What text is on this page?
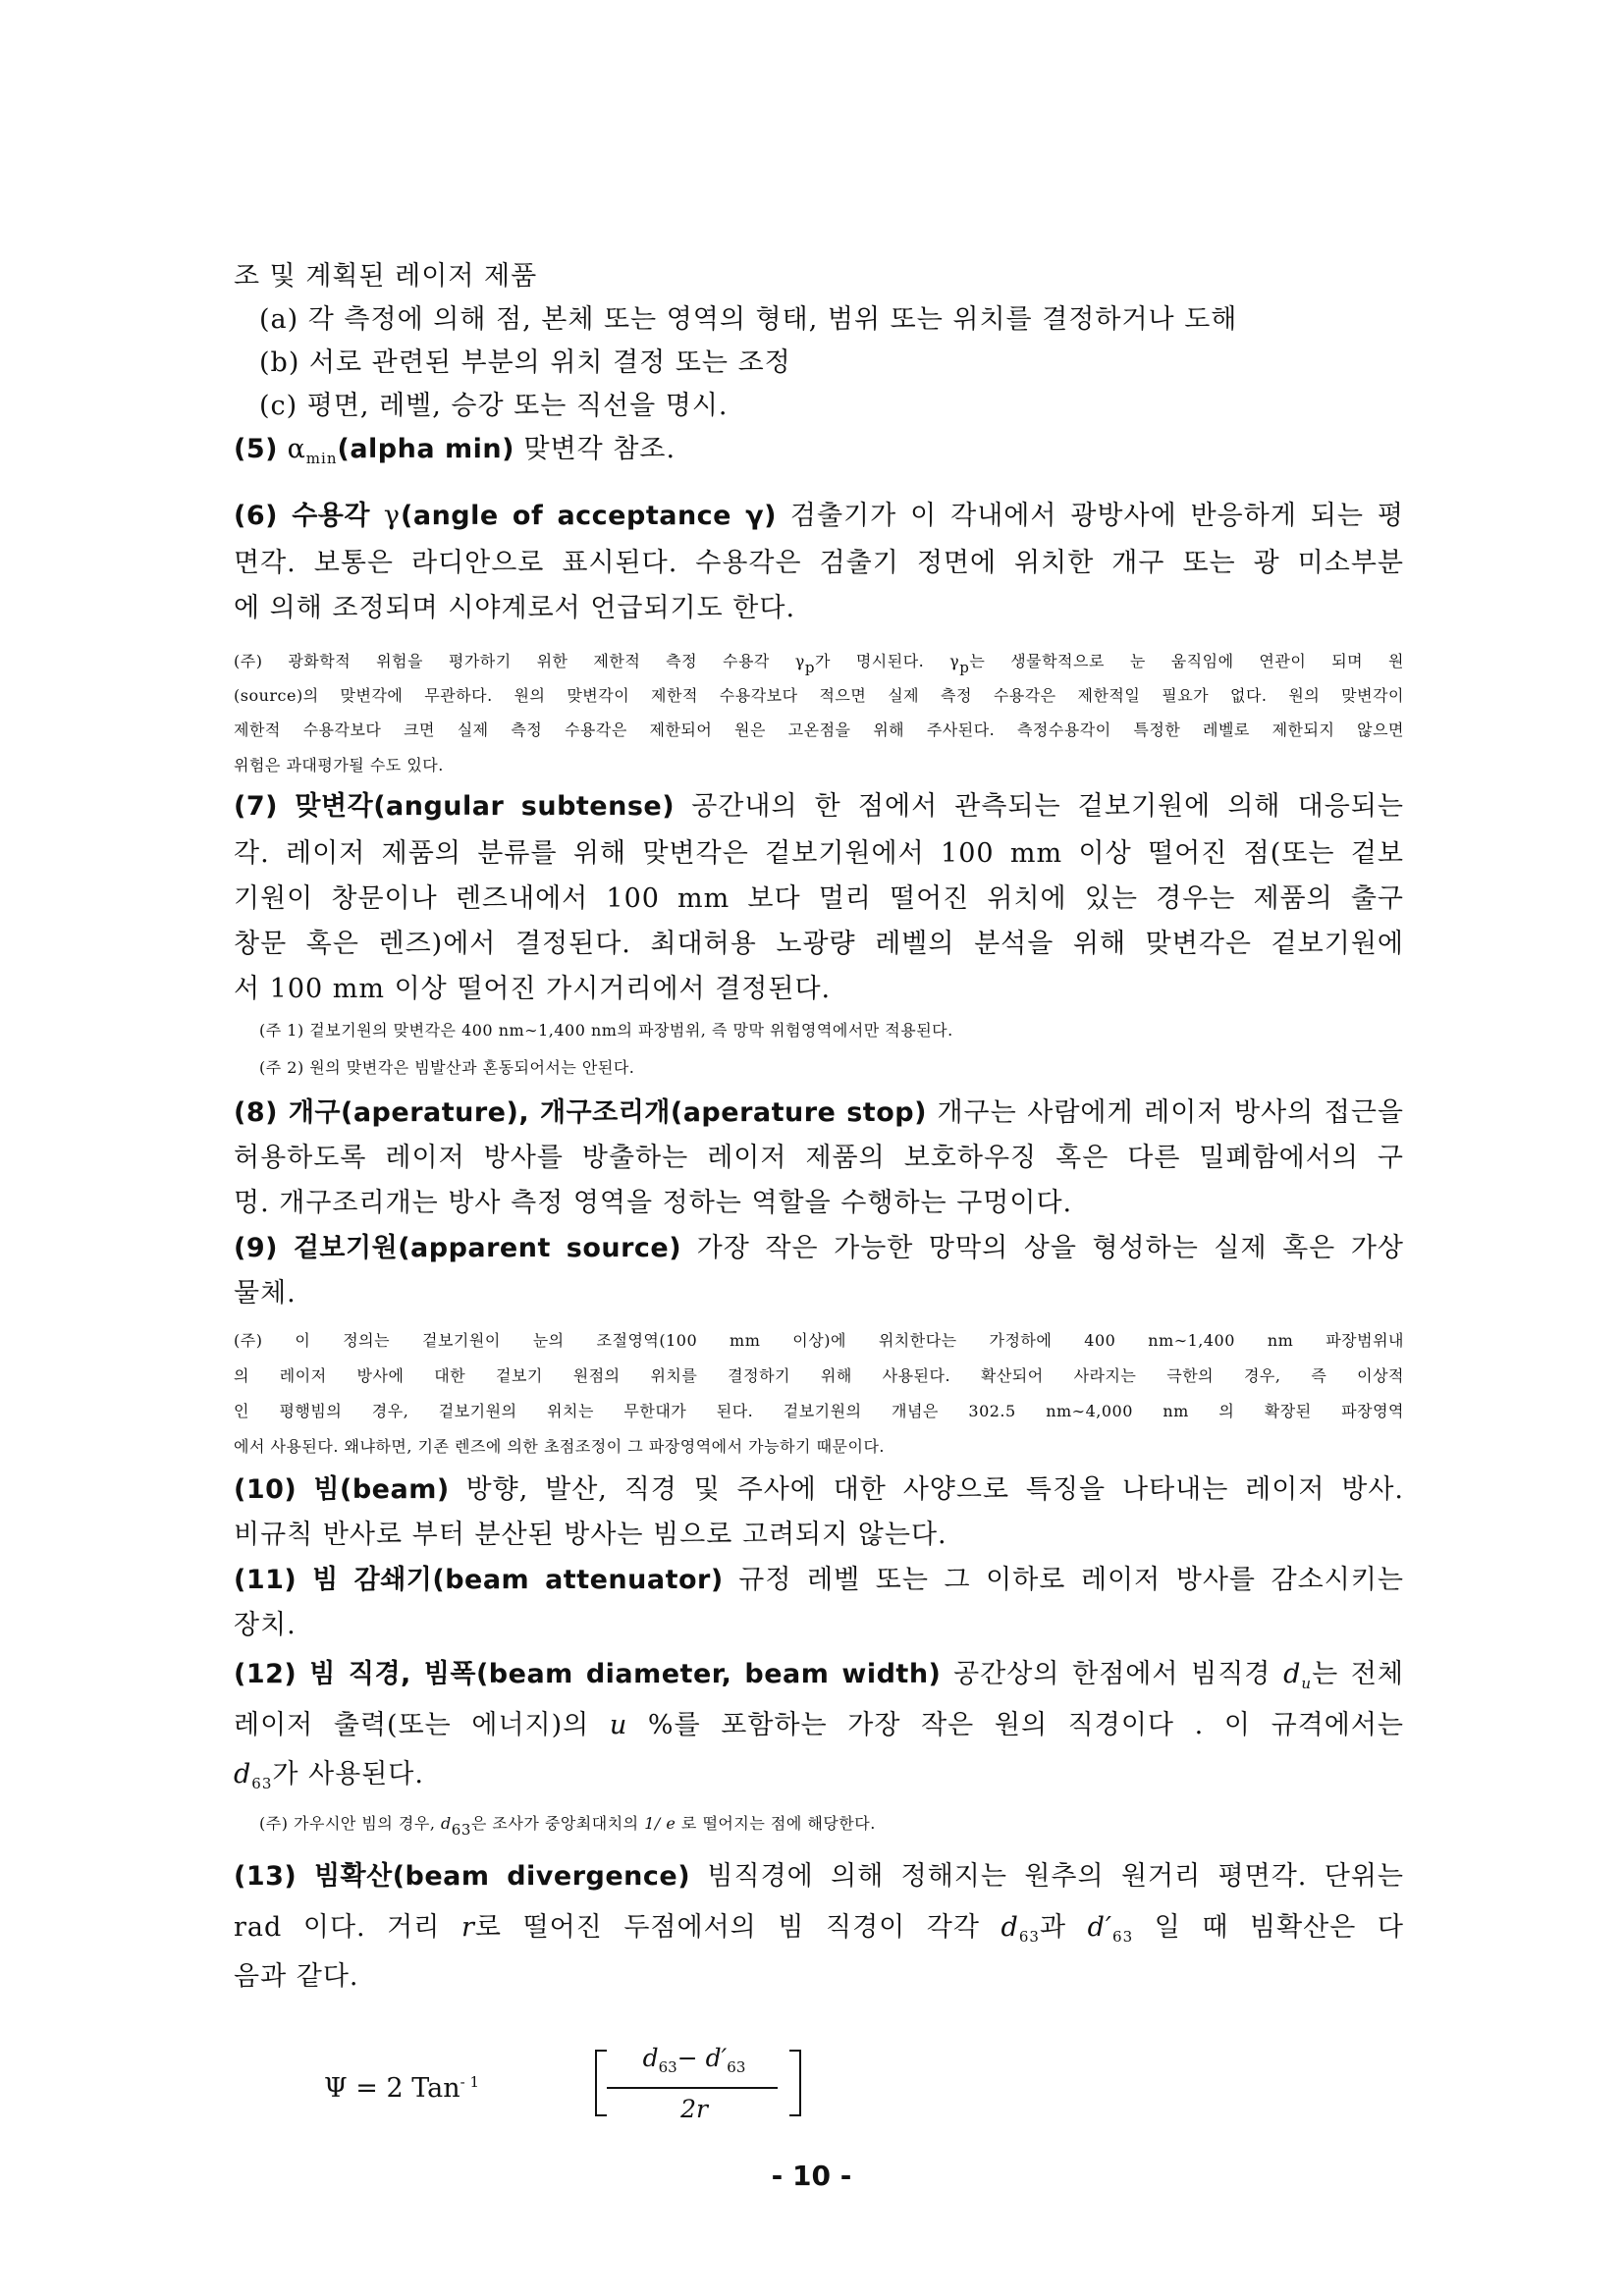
조 및 계획된 레이저 제품
(a) 각 측정에 의해 점, 본체 또는 영역의 형태, 범위 또는 위치를 결정하거나 도해
(b) 서로 관련된 부분의 위치 결정 또는 조정
(c) 평면, 레벨, 승강 또는 직선을 명시.
(5) $\alpha_{min}(alpha$ min) 맞변각 참조.
(6) 수용각 γ(angle of acceptance γ) 검출기가 이 각내에서 광방사에 반응하게 되는 평
면각. 보통은 라디안으로 표시된다. 수용각은 검출기 정면에 위치한 개구 또는 광 미소부분
에 의해 조정되며 시야계로서 언급되기도 한다.
(주) 광화학적 위험을 평가하기 위한 제한적 측정 수용각 γp가 명시된다. γp는 생물학적으로 눈 움직임에 연관이 되며 원
(source)의 맞변각에 무관하다. 원의 맞변각이 제한적 수용각보다 적으면 실제 측정 수용각은 제한적일 필요가 없다. 원의 맞변각이
제한적 수용각보다 크면 실제 측정 수용각은 제한되어 원은 고온점을 위해 주사된다. 측정수용각이 특정한 레벨로 제한되지 않으면
위험은 과대평가될 수도 있다.
(7) 맞변각(angular subtense) 공간내의 한 점에서 관측되는 겉보기원에 의해 대응되는
각. 레이저 제품의 분류를 위해 맞변각은 겉보기원에서 100 mm 이상 떨어진 점(또는 겉보
기원이 창문이나 렌즈내에서 100 mm 보다 멀리 떨어진 위치에 있는 경우는 제품의 출구
창문 혹은 렌즈)에서 결정된다. 최대허용 노광량 레벨의 분석을 위해 맞변각은 겉보기원에
서 100 mm 이상 떨어진 가시거리에서 결정된다.
(주 1) 겉보기원의 맞변각은 400 nm∼1,400 nm의 파장범위, 즉 망막 위험영역에서만 적용된다.
(주 2) 원의 맞변각은 빔발산과 혼동되어서는 안된다.
(8) 개구(aperature), 개구조리개(aperature stop) 개구는 사람에게 레이저 방사의 접근을
허용하도록 레이저 방사를 방출하는 레이저 제품의 보호하우징 혹은 다른 밀폐함에서의 구
멍. 개구조리개는 방사 측정 영역을 정하는 역할을 수행하는 구멍이다.
(9) 겉보기원(apparent source) 가장 작은 가능한 망막의 상을 형성하는 실제 혹은 가상
물체.
(주) 이 정의는 겉보기원이 눈의 조절영역(100 mm 이상)에 위치한다는 가정하에 400 nm∼1,400 nm 파장범위내
의 레이저 방사에 대한 겉보기 원점의 위치를 결정하기 위해 사용된다. 확산되어 사라지는 극한의 경우, 즉 이상적
인 평행빔의 경우, 겉보기원의 위치는 무한대가 된다. 겉보기원의 개념은 302.5 nm∼4,000 nm 의 확장된 파장영역
에서 사용된다. 왜냐하면, 기존 렌즈에 의한 초점조정이 그 파장영역에서 가능하기 때문이다.
(10) 빔(beam) 방향, 발산, 직경 및 주사에 대한 사양으로 특징을 나타내는 레이저 방사.
비규칙 반사로 부터 분산된 방사는 빔으로 고려되지 않는다.
(11) 빔 감쇄기(beam attenuator) 규정 레벨 또는 그 이하로 레이저 방사를 감소시키는
장치.
(12) 빔 직경, 빔폭(beam diameter, beam width) 공간상의 한점에서 빔직경 $d_u$는 전체
레이저 출력(또는 에너지)의 u %를 포함하는 가장 작은 원의 직경이다 . 이 규격에서는
$d_{63}$가 사용된다.
(주) 가우시안 빔의 경우, d63은 조사가 중앙최대치의 1/ e 로 떨어지는 점에 해당한다.
(13) 빔확산(beam divergence) 빔직경에 의해 정해지는 원추의 원거리 평면각. 단위는
rad 이다. 거리 r로 떨어진 두점에서의 빔 직경이 각각 $d_{63}$과 $d'_{63}$ 일 때 빔확산은 다
음과 같다.
Ψ = 2 Tan$^{- 1}$
$d_{63}- d'_{63}$
2r
- 10 -
